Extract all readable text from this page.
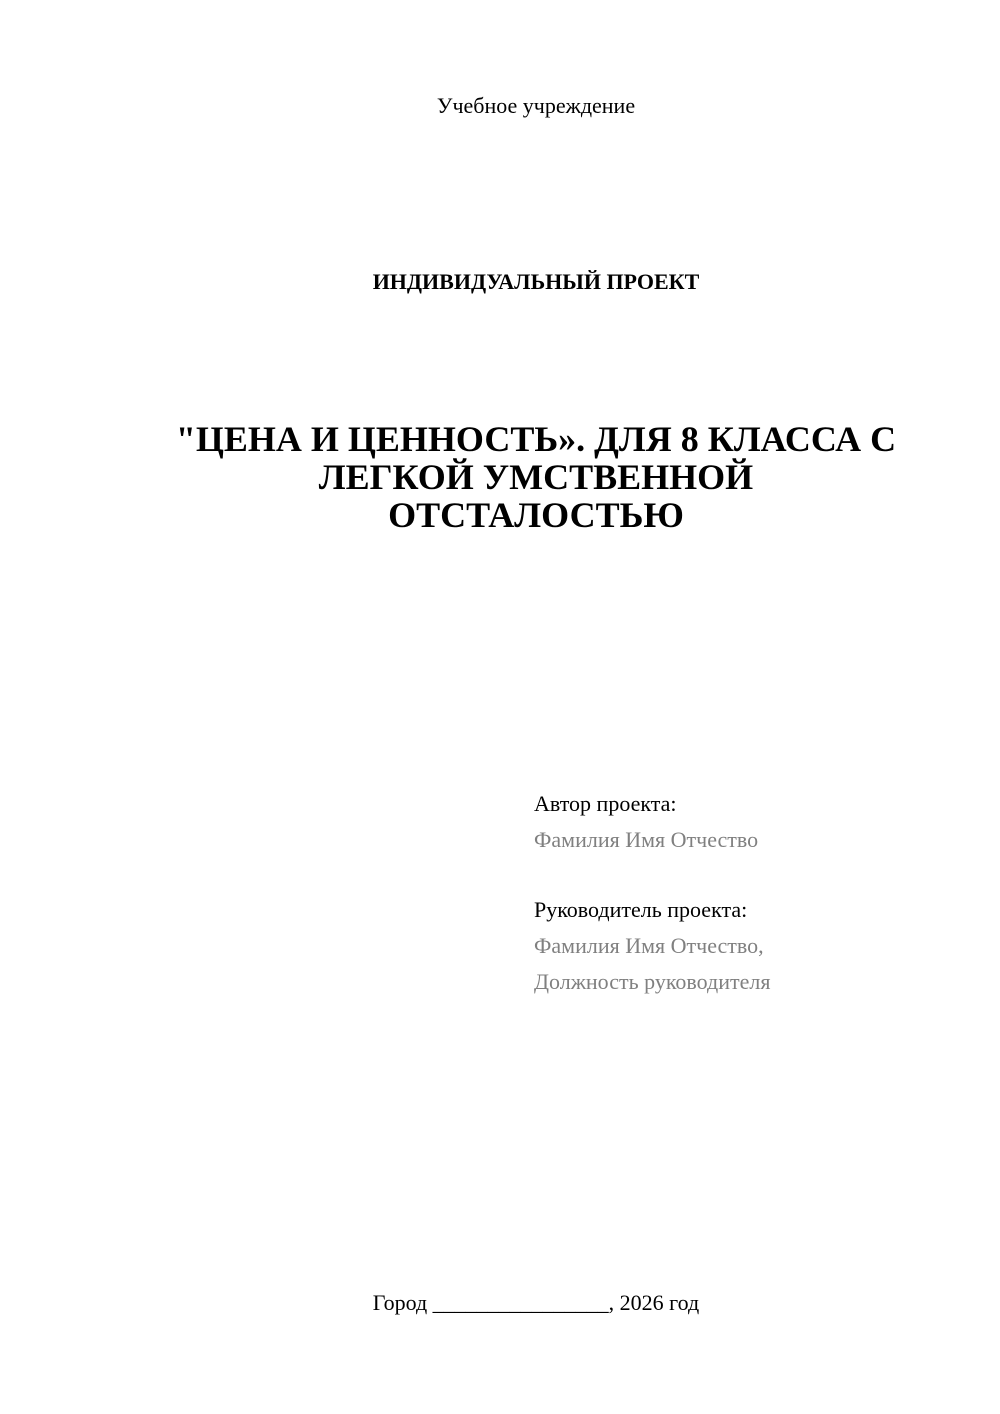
Учебное учреждение
ИНДИВИДУАЛЬНЫЙ ПРОЕКТ
"ЦЕНА И ЦЕННОСТЬ». ДЛЯ 8 КЛАССА С
ЛЕГКОЙ УМСТВЕННОЙ
ОТСТАЛОСТЬЮ
Автор проекта:
Фамилия Имя Отчество
Руководитель проекта:
Фамилия Имя Отчество,
Должность руководителя
Город ________________, 2026 год
